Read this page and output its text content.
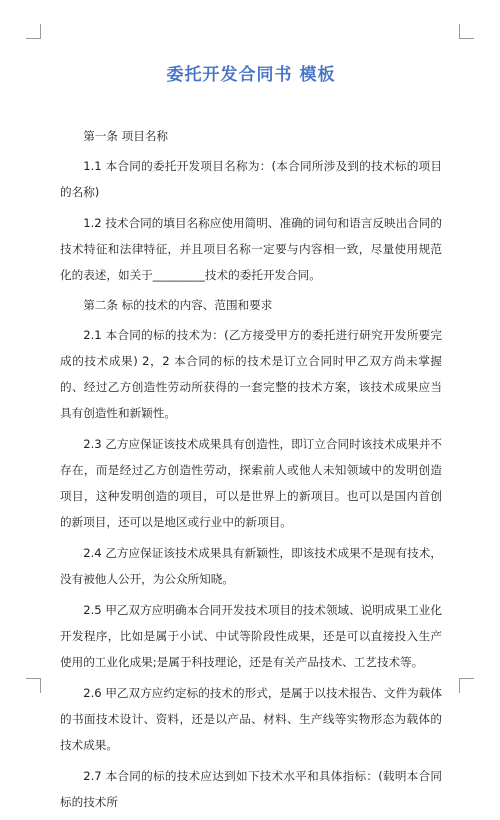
委托开发合同书 模板
第一条 项目名称
1.1 本合同的委托开发项目名称为：(本合同所涉及到的技术标的项目的名称)
1.2 技术合同的填目名称应使用简明、准确的词句和语言反映出合同的技术特征和法律特征，并且项目名称一定要与内容相一致，尽量使用规范化的表述，如关于_________技术的委托开发合同。
第二条 标的技术的内容、范围和要求
2.1 本合同的标的技术为：(乙方接受甲方的委托进行研究开发所要完成的技术成果) 2，2 本合同的标的技术是订立合同时甲乙双方尚未掌握的、经过乙方创造性劳动所获得的一套完整的技术方案，该技术成果应当具有创造性和新颖性。
2.3 乙方应保证该技术成果具有创造性，即订立合同时该技术成果并不存在，而是经过乙方创造性劳动，探索前人或他人未知领域中的发明创造项目，这种发明创造的项目，可以是世界上的新项目。也可以是国内首创的新项目，还可以是地区或行业中的新项目。
2.4 乙方应保证该技术成果具有新颖性，即该技术成果不是现有技术，没有被他人公开，为公众所知晓。
2.5 甲乙双方应明确本合同开发技术项目的技术领域、说明成果工业化开发程序，比如是属于小试、中试等阶段性成果，还是可以直接投入生产使用的工业化成果;是属于科技理论，还是有关产品技术、工艺技术等。
2.6 甲乙双方应约定标的技术的形式，是属于以技术报告、文件为载体的书面技术设计、资料，还是以产品、材料、生产线等实物形态为载体的技术成果。
2.7 本合同的标的技术应达到如下技术水平和具体指标：(载明本合同标的技术所
